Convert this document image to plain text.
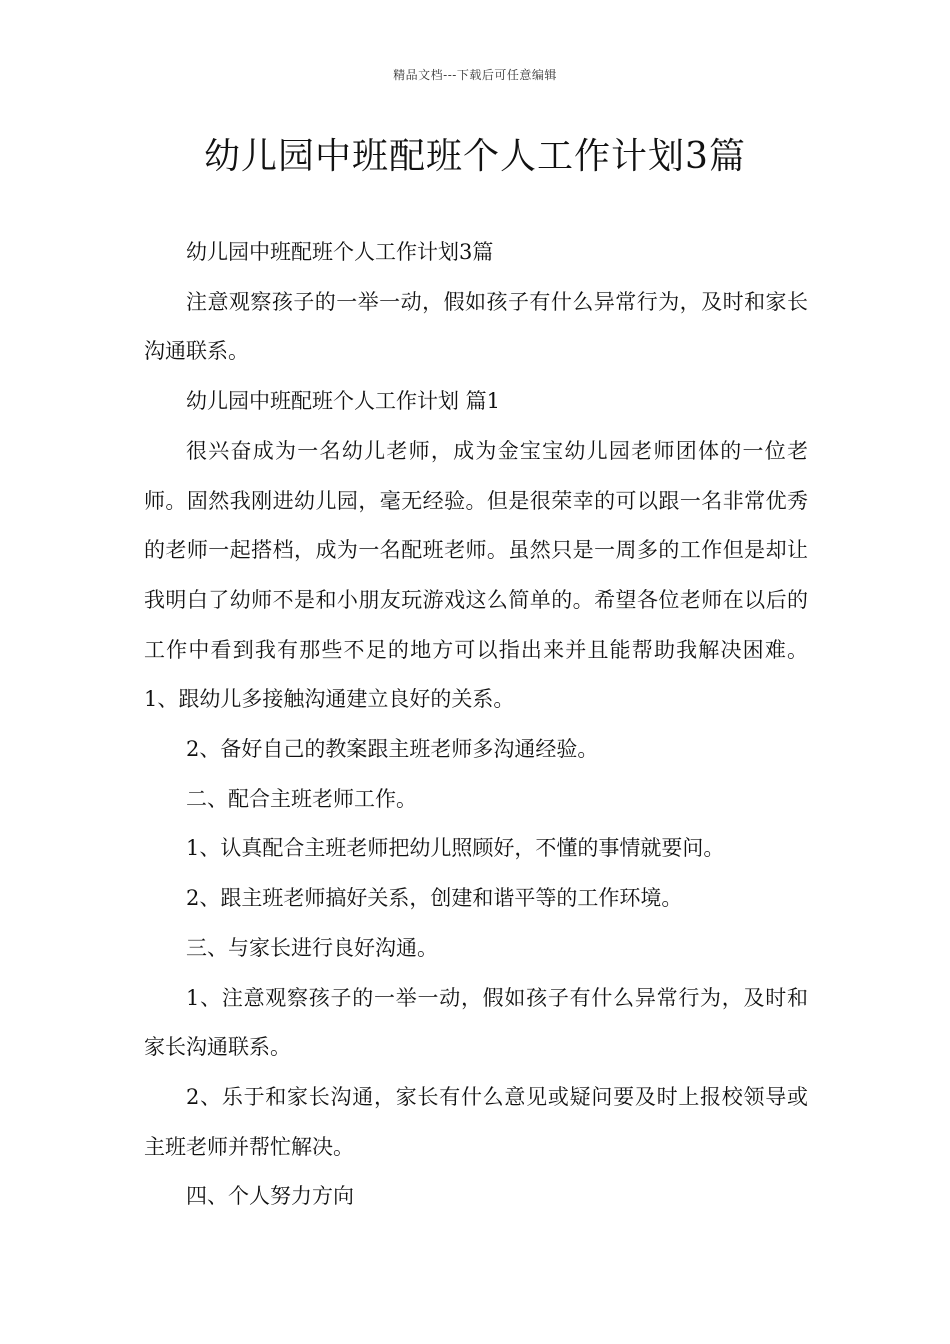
精品文档---下载后可任意编辑
幼儿园中班配班个人工作计划3篇

幼儿园中班配班个人工作计划3篇

注意观察孩子的一举一动，假如孩子有什么异常行为，及时和家长沟通联系。

幼儿园中班配班个人工作计划 篇1

很兴奋成为一名幼儿老师，成为金宝宝幼儿园老师团体的一位老师。固然我刚进幼儿园，毫无经验。但是很荣幸的可以跟一名非常优秀的老师一起搭档，成为一名配班老师。虽然只是一周多的工作但是却让我明白了幼师不是和小朋友玩游戏这么简单的。希望各位老师在以后的工作中看到我有那些不足的地方可以指出来并且能帮助我解决困难。1、跟幼儿多接触沟通建立良好的关系。

2、备好自己的教案跟主班老师多沟通经验。

二、配合主班老师工作。

1、认真配合主班老师把幼儿照顾好，不懂的事情就要问。

2、跟主班老师搞好关系，创建和谐平等的工作环境。

三、与家长进行良好沟通。

1、注意观察孩子的一举一动，假如孩子有什么异常行为，及时和家长沟通联系。

2、乐于和家长沟通，家长有什么意见或疑问要及时上报校领导或主班老师并帮忙解决。

四、个人努力方向
